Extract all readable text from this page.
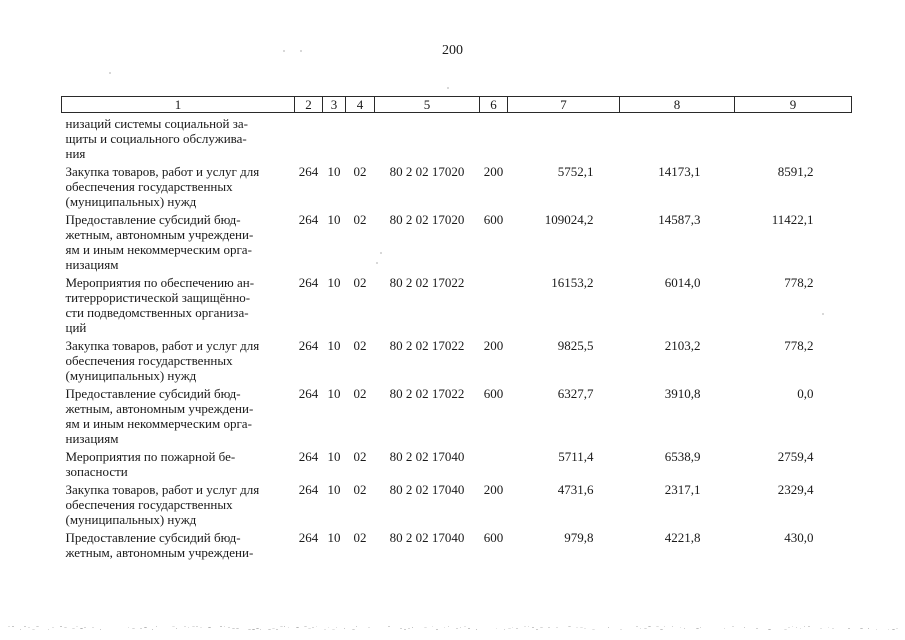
200
1	2	3	4	5	6	7	8	9

низаций системы социальной за-
щиты и социального обслужива-
ния								

Закупка товаров, работ и услуг для
обеспечения государственных
(муниципальных) нужд	264	10	02	80 2 02 17020	200	5752,1	14173,1	8591,2

Предоставление субсидий бюд-
жетным, автономным учреждени-
ям и иным некоммерческим орга-
низациям	264	10	02	80 2 02 17020	600	109024,2	14587,3	11422,1

Мероприятия по обеспечению ан-
титеррористической защищённо-
сти подведомственных организа-
ций	264	10	02	80 2 02 17022		16153,2	6014,0	778,2

Закупка товаров, работ и услуг для
обеспечения государственных
(муниципальных) нужд	264	10	02	80 2 02 17022	200	9825,5	2103,2	778,2

Предоставление субсидий бюд-
жетным, автономным учреждени-
ям и иным некоммерческим орга-
низациям	264	10	02	80 2 02 17022	600	6327,7	3910,8	0,0

Мероприятия по пожарной бе-
зопасности	264	10	02	80 2 02 17040		5711,4	6538,9	2759,4

Закупка товаров, работ и услуг для
обеспечения государственных
(муниципальных) нужд	264	10	02	80 2 02 17040	200	4731,6	2317,1	2329,4

Предоставление субсидий бюд-
жетным, автономным учреждени-	264	10	02	80 2 02 17040	600	979,8	4221,8	430,0
